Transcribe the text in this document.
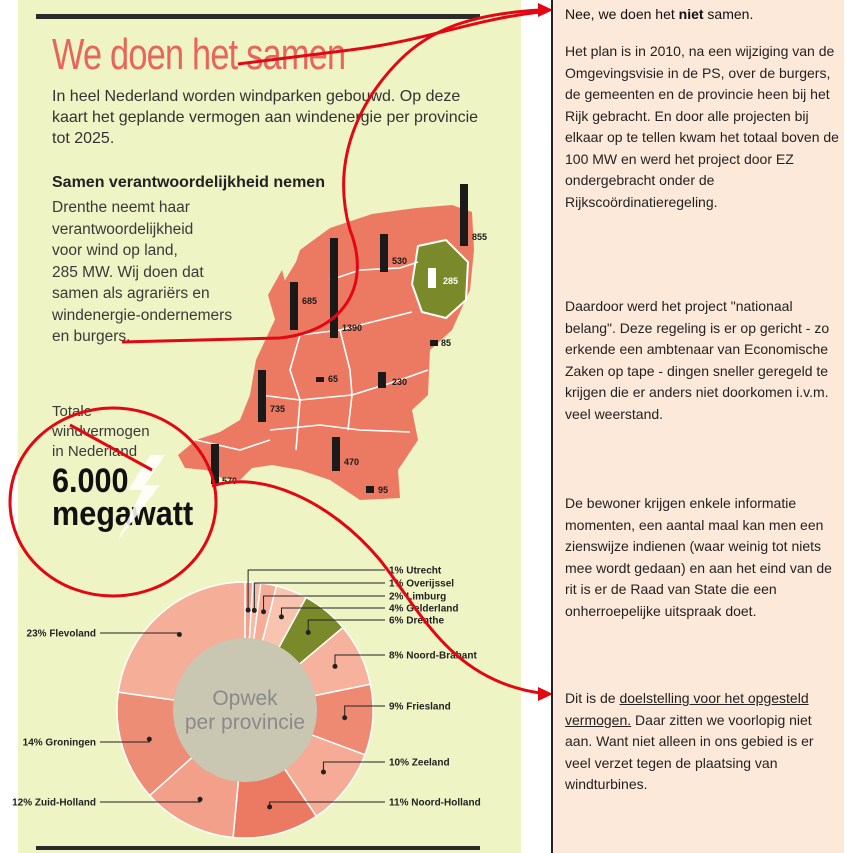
We doen het samen
In heel Nederland worden windparken gebouwd. Op deze kaart het geplande vermogen aan windenergie per provincie tot 2025.
Samen verantwoordelijkheid nemen
Drenthe neemt haar
verantwoordelijkheid
voor wind op land,
285 MW. Wij doen dat
samen als agrariërs en
windenergie-ondernemers
en burgers.
Totale
windvermogen
in Nederland
6.000
megawatt
855
530
285
685
1390
85
65	230
735
470
95
570
Opwek
per provincie
1% Utrecht
1% Overijssel
2% Limburg
4% Gelderland
6% Drenthe
8% Noord-Brabant
9% Friesland
10% Zeeland
11% Noord-Holland
23% Flevoland
14% Groningen
12% Zuid-Holland
Nee, we doen het niet samen.
Het plan is in 2010, na een wijziging van de Omgevingsvisie in de PS, over de burgers, de gemeenten en de provincie heen bij het Rijk gebracht. En door alle projecten bij elkaar op te tellen kwam het totaal boven de 100 MW en werd het project door EZ ondergebracht onder de Rijkscoördinatieregeling.
Daardoor werd het project "nationaal belang". Deze regeling is er op gericht - zo erkende een ambtenaar van Economische Zaken op tape - dingen sneller geregeld te krijgen die er anders niet doorkomen i.v.m. veel weerstand.
De bewoner krijgen enkele informatie momenten, een aantal maal kan men een zienswijze indienen (waar weinig tot niets mee wordt gedaan) en aan het eind van de rit is er de Raad van State die een onherroepelijke uitspraak doet.
Dit is de doelstelling voor het opgesteld vermogen. Daar zitten we voorlopig niet aan. Want niet alleen in ons gebied is er veel verzet tegen de plaatsing van windturbines.
